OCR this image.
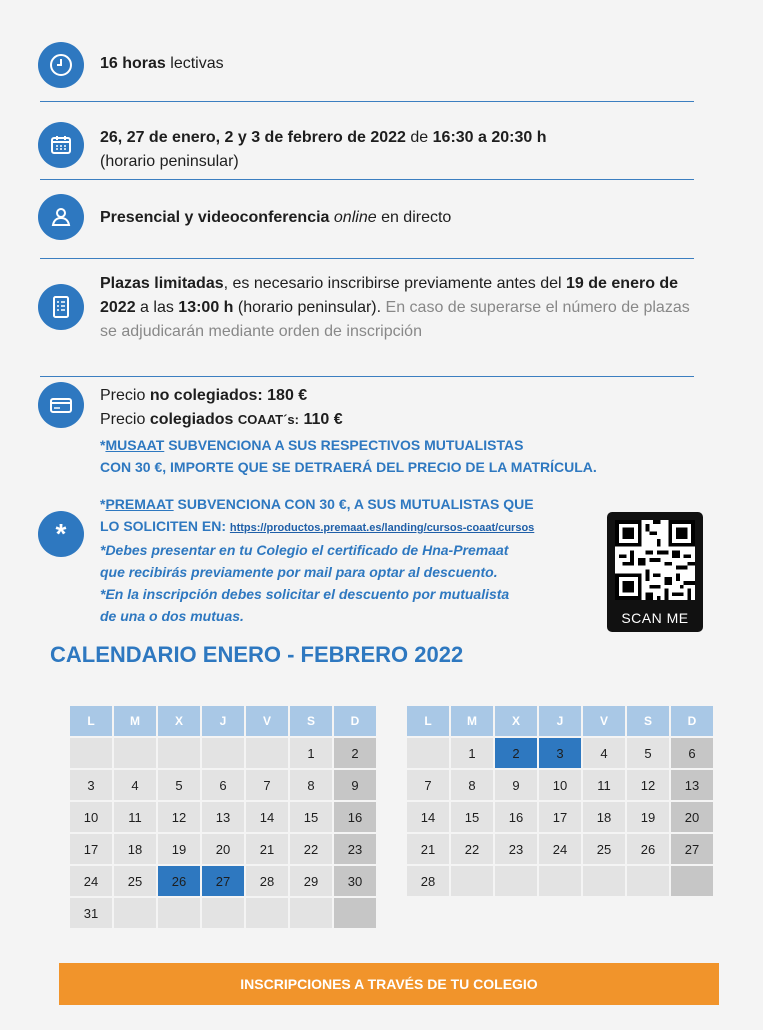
16 horas lectivas
26, 27 de enero, 2 y 3 de febrero de 2022 de 16:30 a 20:30 h
(horario peninsular)
Presencial y videoconferencia online en directo
Plazas limitadas, es necesario inscribirse previamente antes del 19 de enero de 2022 a las 13:00 h (horario peninsular). En caso de superarse el número de plazas se adjudicarán mediante orden de inscripción
Precio no colegiados: 180 €
Precio colegiados COAAT´s: 110 €
*MUSAAT SUBVENCIONA A SUS RESPECTIVOS MUTUALISTAS
CON 30 €, IMPORTE QUE SE DETRAERÁ DEL PRECIO DE LA MATRÍCULA.
*
*PREMAAT SUBVENCIONA CON 30 €, A SUS MUTUALISTAS QUE
LO SOLICITEN EN: https://productos.premaat.es/landing/cursos-coaat/cursos
*Debes presentar en tu Colegio el certificado de Hna-Premaat
que recibirás previamente por mail para optar al descuento.
*En la inscripción debes solicitar el descuento por mutualista
de una o dos mutuas.	SCAN ME
CALENDARIO ENERO - FEBRERO 2022
L	M	X	J	V	S	D
					1	2
3	4	5	6	7	8	9
10	11	12	13	14	15	16
17	18	19	20	21	22	23
24	25	26	27	28	29	30
31						
L	M	X	J	V	S	D
	1	2	3	4	5	6
7	8	9	10	11	12	13
14	15	16	17	18	19	20
21	22	23	24	25	26	27
28						
INSCRIPCIONES A TRAVÉS DE TU COLEGIO
